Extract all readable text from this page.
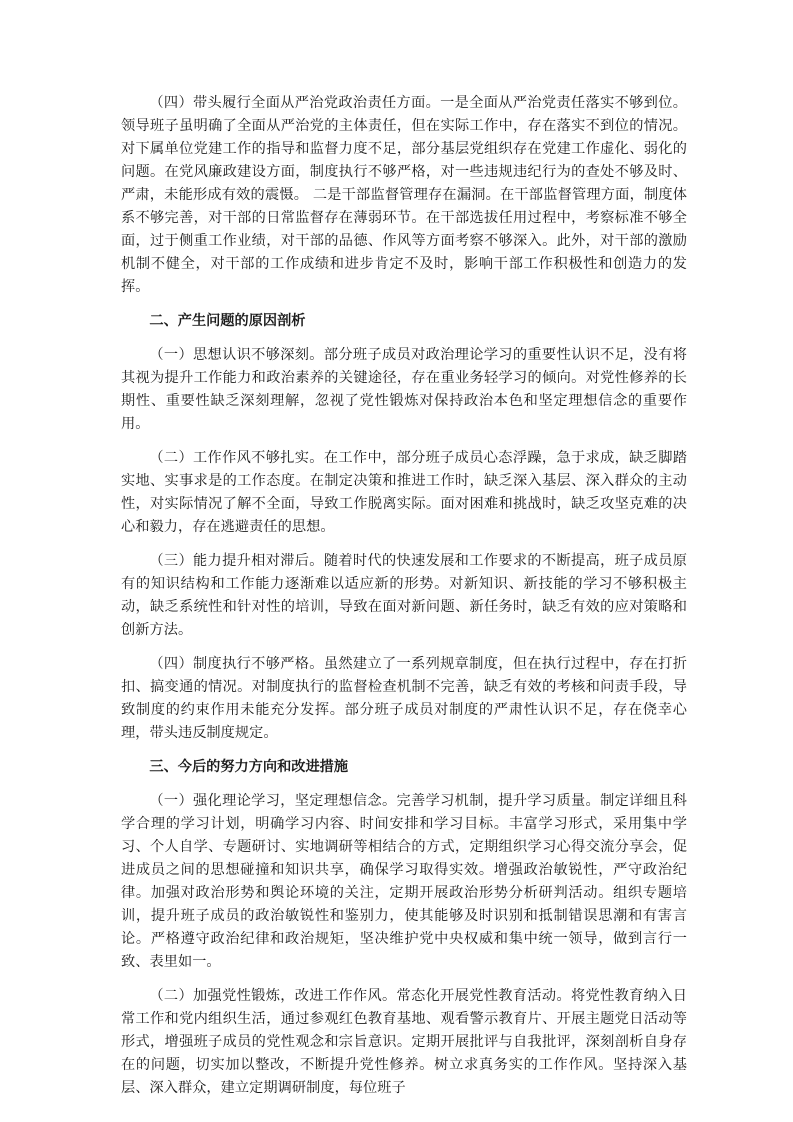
（四）带头履行全面从严治党政治责任方面。一是全面从严治党责任落实不够到位。领导班子虽明确了全面从严治党的主体责任，但在实际工作中，存在落实不到位的情况。对下属单位党建工作的指导和监督力度不足，部分基层党组织存在党建工作虚化、弱化的问题。在党风廉政建设方面，制度执行不够严格，对一些违规违纪行为的查处不够及时、严肃，未能形成有效的震慑。 二是干部监督管理存在漏洞。在干部监督管理方面，制度体系不够完善，对干部的日常监督存在薄弱环节。在干部选拔任用过程中，考察标准不够全面，过于侧重工作业绩，对干部的品德、作风等方面考察不够深入。此外，对干部的激励机制不健全，对干部的工作成绩和进步肯定不及时，影响干部工作积极性和创造力的发挥。

二、产生问题的原因剖析

（一）思想认识不够深刻。部分班子成员对政治理论学习的重要性认识不足，没有将其视为提升工作能力和政治素养的关键途径，存在重业务轻学习的倾向。对党性修养的长期性、重要性缺乏深刻理解，忽视了党性锻炼对保持政治本色和坚定理想信念的重要作用。

（二）工作作风不够扎实。在工作中，部分班子成员心态浮躁，急于求成，缺乏脚踏实地、实事求是的工作态度。在制定决策和推进工作时，缺乏深入基层、深入群众的主动性，对实际情况了解不全面，导致工作脱离实际。面对困难和挑战时，缺乏攻坚克难的决心和毅力，存在逃避责任的思想。

（三）能力提升相对滞后。随着时代的快速发展和工作要求的不断提高，班子成员原有的知识结构和工作能力逐渐难以适应新的形势。对新知识、新技能的学习不够积极主动，缺乏系统性和针对性的培训，导致在面对新问题、新任务时，缺乏有效的应对策略和创新方法。

（四）制度执行不够严格。虽然建立了一系列规章制度，但在执行过程中，存在打折扣、搞变通的情况。对制度执行的监督检查机制不完善，缺乏有效的考核和问责手段，导致制度的约束作用未能充分发挥。部分班子成员对制度的严肃性认识不足，存在侥幸心理，带头违反制度规定。

三、今后的努力方向和改进措施

（一）强化理论学习，坚定理想信念。完善学习机制，提升学习质量。制定详细且科学合理的学习计划，明确学习内容、时间安排和学习目标。丰富学习形式，采用集中学习、个人自学、专题研讨、实地调研等相结合的方式，定期组织学习心得交流分享会，促进成员之间的思想碰撞和知识共享，确保学习取得实效。增强政治敏锐性，严守政治纪律。加强对政治形势和舆论环境的关注，定期开展政治形势分析研判活动。组织专题培训，提升班子成员的政治敏锐性和鉴别力，使其能够及时识别和抵制错误思潮和有害言论。严格遵守政治纪律和政治规矩，坚决维护党中央权威和集中统一领导，做到言行一致、表里如一。

（二）加强党性锻炼，改进工作作风。常态化开展党性教育活动。将党性教育纳入日常工作和党内组织生活，通过参观红色教育基地、观看警示教育片、开展主题党日活动等形式，增强班子成员的党性观念和宗旨意识。定期开展批评与自我批评，深刻剖析自身存在的问题，切实加以整改，不断提升党性修养。树立求真务实的工作作风。坚持深入基层、深入群众，建立定期调研制度，每位班子
